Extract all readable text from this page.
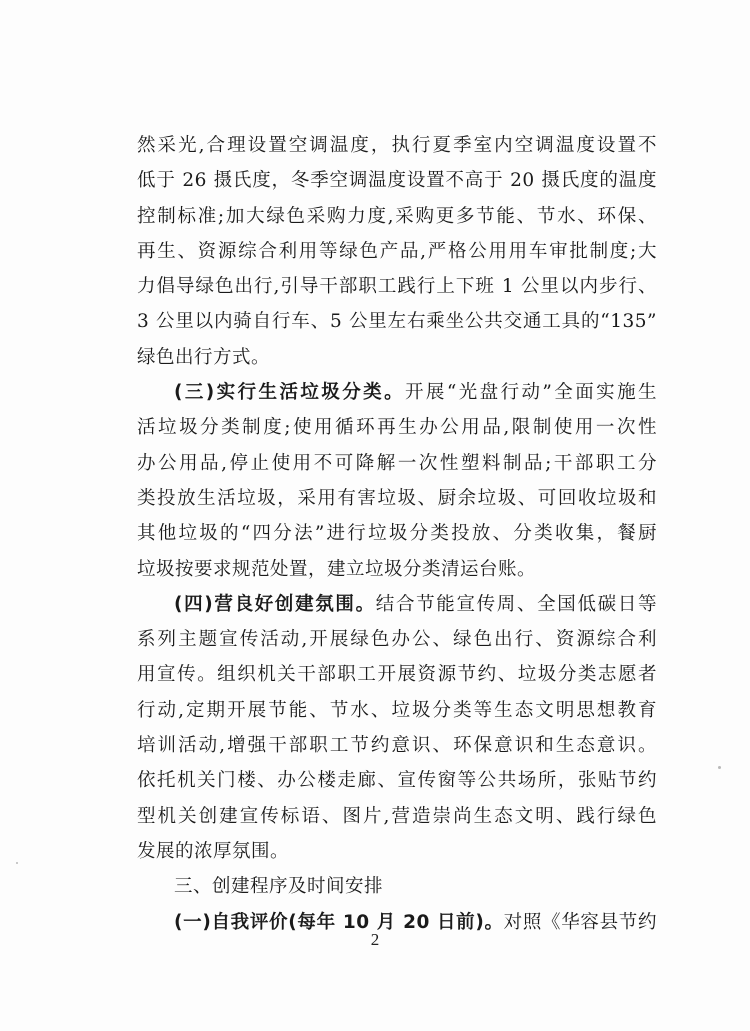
然采光,合理设置空调温度，执行夏季室内空调温度设置不
低于 26 摄氏度，冬季空调温度设置不高于 20 摄氏度的温度
控制标准;加大绿色采购力度,采购更多节能、节水、环保、
再生、资源综合利用等绿色产品,严格公用用车审批制度;大
力倡导绿色出行,引导干部职工践行上下班 1 公里以内步行、
3 公里以内骑自行车、5 公里左右乘坐公共交通工具的“135”
绿色出行方式。
(三)实行生活垃圾分类。开展“光盘行动”全面实施生
活垃圾分类制度;使用循环再生办公用品,限制使用一次性
办公用品,停止使用不可降解一次性塑料制品;干部职工分
类投放生活垃圾，采用有害垃圾、厨余垃圾、可回收垃圾和
其他垃圾的“四分法”进行垃圾分类投放、分类收集，餐厨
垃圾按要求规范处置，建立垃圾分类清运台账。
(四)营良好创建氛围。结合节能宣传周、全国低碳日等
系列主题宣传活动,开展绿色办公、绿色出行、资源综合利
用宣传。组织机关干部职工开展资源节约、垃圾分类志愿者
行动,定期开展节能、节水、垃圾分类等生态文明思想教育
培训活动,增强干部职工节约意识、环保意识和生态意识。
依托机关门楼、办公楼走廊、宣传窗等公共场所，张贴节约
型机关创建宣传标语、图片,营造崇尚生态文明、践行绿色
发展的浓厚氛围。
三、创建程序及时间安排
(一)自我评价(每年 10 月 20 日前)。对照《华容县节约
2
